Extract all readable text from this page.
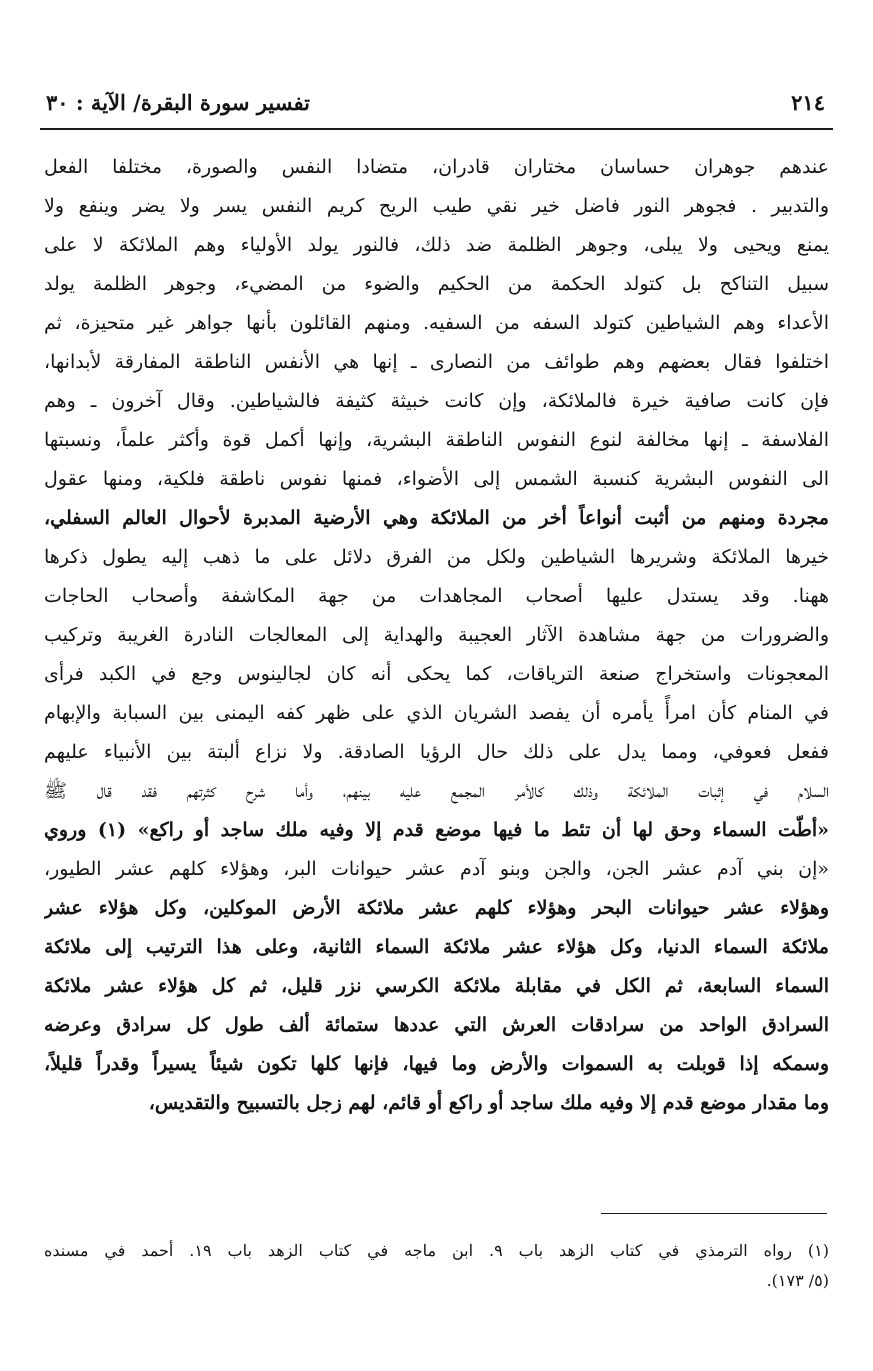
٢١٤
تفسير سورة البقرة/ الآية : ٣٠
عندهم جوهران حساسان مختاران قادران، متضادا النفس والصورة، مختلفا الفعل
والتدبير . فجوهر النور فاضل خير نقي طيب الريح كريم النفس يسر ولا يضر وينفع ولا
يمنع ويحيى ولا يبلى، وجوهر الظلمة ضد ذلك، فالنور يولد الأولياء وهم الملائكة لا على
سبيل التناكح بل كتولد الحكمة من الحكيم والضوء من المضيء، وجوهر الظلمة يولد
الأعداء وهم الشياطين كتولد السفه من السفيه. ومنهم القائلون بأنها جواهر غير متحيزة، ثم
اختلفوا فقال بعضهم وهم طوائف من النصارى ـ إنها هي الأنفس الناطقة المفارقة لأبدانها،
فإن كانت صافية خيرة فالملائكة، وإن كانت خبيثة كثيفة فالشياطين. وقال آخرون ـ وهم
الفلاسفة ـ إنها مخالفة لنوع النفوس الناطقة البشرية، وإنها أكمل قوة وأكثر علماً، ونسبتها
الى النفوس البشرية كنسبة الشمس إلى الأضواء، فمنها نفوس ناطقة فلكية، ومنها عقول
مجردة ومنهم من أثبت أنواعاً أخر من الملائكة وهي الأرضية المدبرة لأحوال العالم السفلي،
خيرها الملائكة وشريرها الشياطين ولكل من الفرق دلائل على ما ذهب إليه يطول ذكرها
ههنا. وقد يستدل عليها أصحاب المجاهدات من جهة المكاشفة وأصحاب الحاجات
والضرورات من جهة مشاهدة الآثار العجيبة والهداية إلى المعالجات النادرة الغريبة وتركيب
المعجونات واستخراج صنعة الترياقات، كما يحكى أنه كان لجالينوس وجع في الكبد فرأى
في المنام كأن امرأً يأمره أن يفصد الشريان الذي على ظهر كفه اليمنى بين السبابة والإبهام
ففعل فعوفي، ومما يدل على ذلك حال الرؤيا الصادقة. ولا نزاع ألبتة بين الأنبياء عليهم
السلام في إثبات الملائكة وذلك كالأمر المجمع عليه بينهم، وأما شرح كثرتهم فقد قال ﷺ
«أطّت السماء وحق لها أن تئط ما فيها موضع قدم إلا وفيه ملك ساجد أو راكع» (١) وروي
«إن بني آدم عشر الجن، والجن وبنو آدم عشر حيوانات البر، وهؤلاء كلهم عشر الطيور،
وهؤلاء عشر حيوانات البحر وهؤلاء كلهم عشر ملائكة الأرض الموكلين، وكل هؤلاء عشر
ملائكة السماء الدنيا، وكل هؤلاء عشر ملائكة السماء الثانية، وعلى هذا الترتيب إلى ملائكة
السماء السابعة، ثم الكل في مقابلة ملائكة الكرسي نزر قليل، ثم كل هؤلاء عشر ملائكة
السرادق الواحد من سرادقات العرش التي عددها ستمائة ألف طول كل سرادق وعرضه
وسمكه إذا قوبلت به السموات والأرض وما فيها، فإنها كلها تكون شيئاً يسيراً وقدراً قليلاً،
وما مقدار موضع قدم إلا وفيه ملك ساجد أو راكع أو قائم، لهم زجل بالتسبيح والتقديس،
(١) رواه الترمذي في كتاب الزهد باب ٩. ابن ماجه في كتاب الزهد باب ١٩. أحمد في مسنده
(٥/ ١٧٣).
